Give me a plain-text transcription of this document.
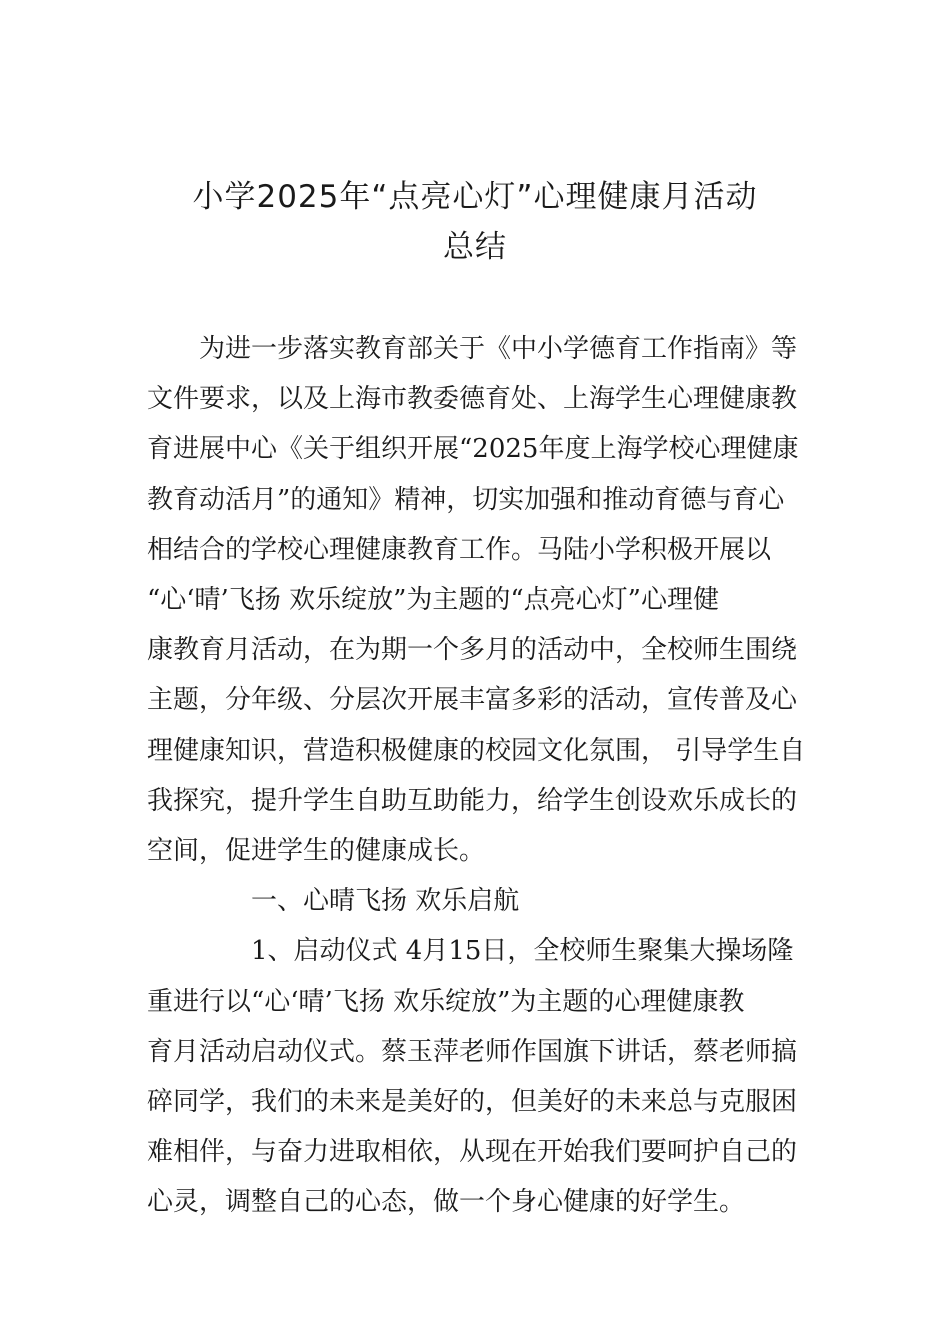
小学2025年“点亮心灯”心理健康月活动
总结

为进一步落实教育部关于《中小学德育工作指南》等
文件要求，以及上海市教委德育处、上海学生心理健康教
育进展中心《关于组织开展“2025年度上海学校心理健康
教育动活月”的通知》精神，切实加强和推动育德与育心
相结合的学校心理健康教育工作。马陆小学积极开展以
“心‘晴’飞扬 欢乐绽放”为主题的“点亮心灯”心理健
康教育月活动，在为期一个多月的活动中，全校师生围绕
主题，分年级、分层次开展丰富多彩的活动，宣传普及心
理健康知识，营造积极健康的校园文化氛围， 引导学生自
我探究，提升学生自助互助能力，给学生创设欢乐成长的
空间，促进学生的健康成长。

一、心晴飞扬 欢乐启航

1、启动仪式 4月15日，全校师生聚集大操场隆
重进行以“心‘晴’飞扬 欢乐绽放”为主题的心理健康教
育月活动启动仪式。蔡玉萍老师作国旗下讲话，蔡老师搞
碎同学，我们的未来是美好的，但美好的未来总与克服困
难相伴，与奋力进取相依，从现在开始我们要呵护自己的
心灵，调整自己的心态，做一个身心健康的好学生。
